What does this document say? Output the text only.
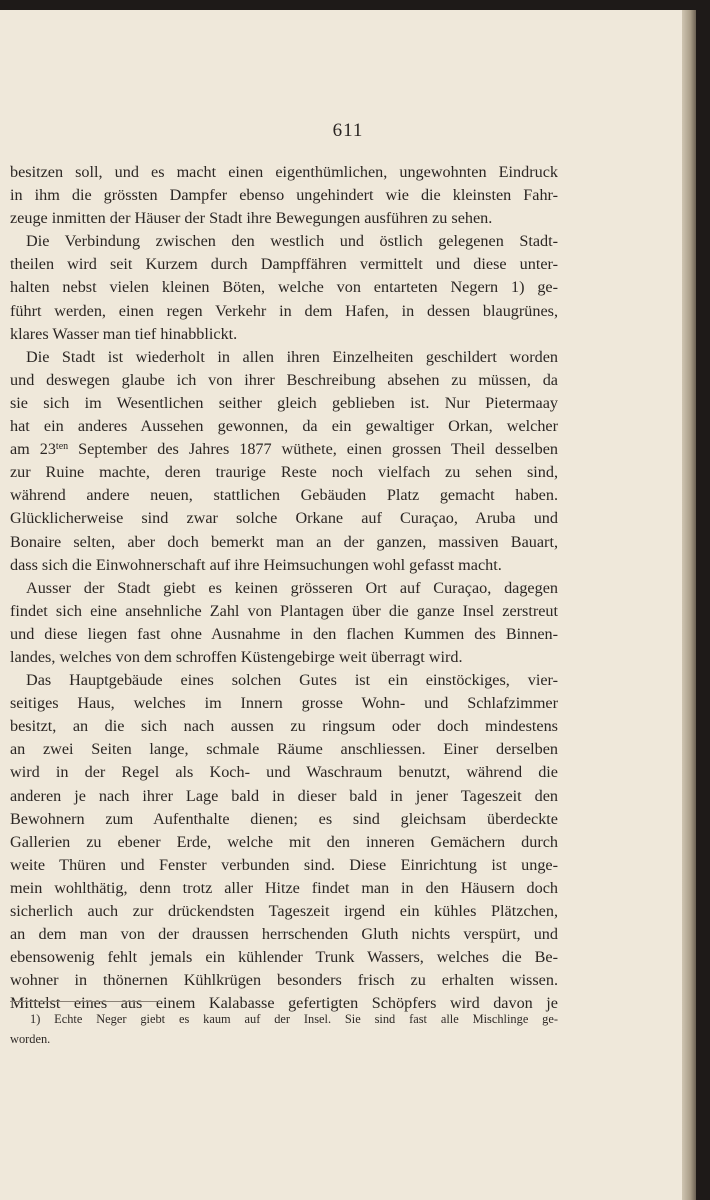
611
besitzen soll, und es macht einen eigenthümlichen, ungewohnten Eindruck
in ihm die grössten Dampfer ebenso ungehindert wie die kleinsten Fahr-
zeuge inmitten der Häuser der Stadt ihre Bewegungen ausführen zu sehen.
Die Verbindung zwischen den westlich und östlich gelegenen Stadt-
theilen wird seit Kurzem durch Dampffähren vermittelt und diese unter-
halten nebst vielen kleinen Böten, welche von entarteten Negern 1) ge-
führt werden, einen regen Verkehr in dem Hafen, in dessen blaugrünes,
klares Wasser man tief hinabblickt.
Die Stadt ist wiederholt in allen ihren Einzelheiten geschildert worden
und deswegen glaube ich von ihrer Beschreibung absehen zu müssen, da
sie sich im Wesentlichen seither gleich geblieben ist. Nur Pietermaay
hat ein anderes Aussehen gewonnen, da ein gewaltiger Orkan, welcher
am $23^{ten}$ September des Jahres 1877 wüthete, einen grossen Theil desselben
zur Ruine machte, deren traurige Reste noch vielfach zu sehen sind,
während andere neuen, stattlichen Gebäuden Platz gemacht haben.
Glücklicherweise sind zwar solche Orkane auf Curaçao, Aruba und
Bonaire selten, aber doch bemerkt man an der ganzen, massiven Bauart,
dass sich die Einwohnerschaft auf ihre Heimsuchungen wohl gefasst macht.
Ausser der Stadt giebt es keinen grösseren Ort auf Curaçao, dagegen
findet sich eine ansehnliche Zahl von Plantagen über die ganze Insel zerstreut
und diese liegen fast ohne Ausnahme in den flachen Kummen des Binnen-
landes, welches von dem schroffen Küstengebirge weit überragt wird.
Das Hauptgebäude eines solchen Gutes ist ein einstöckiges, vier-
seitiges Haus, welches im Innern grosse Wohn- und Schlafzimmer
besitzt, an die sich nach aussen zu ringsum oder doch mindestens
an zwei Seiten lange, schmale Räume anschliessen. Einer derselben
wird in der Regel als Koch- und Waschraum benutzt, während die
anderen je nach ihrer Lage bald in dieser bald in jener Tageszeit den
Bewohnern zum Aufenthalte dienen; es sind gleichsam überdeckte
Gallerien zu ebener Erde, welche mit den inneren Gemächern durch
weite Thüren und Fenster verbunden sind. Diese Einrichtung ist unge-
mein wohlthätig, denn trotz aller Hitze findet man in den Häusern doch
sicherlich auch zur drückendsten Tageszeit irgend ein kühles Plätzchen,
an dem man von der draussen herrschenden Gluth nichts verspürt, und
ebensowenig fehlt jemals ein kühlender Trunk Wassers, welches die Be-
wohner in thönernen Kühlkrügen besonders frisch zu erhalten wissen.
Mittelst eines aus einem Kalabasse gefertigten Schöpfers wird davon je
1) Echte Neger giebt es kaum auf der Insel. Sie sind fast alle Mischlinge ge-
worden.
